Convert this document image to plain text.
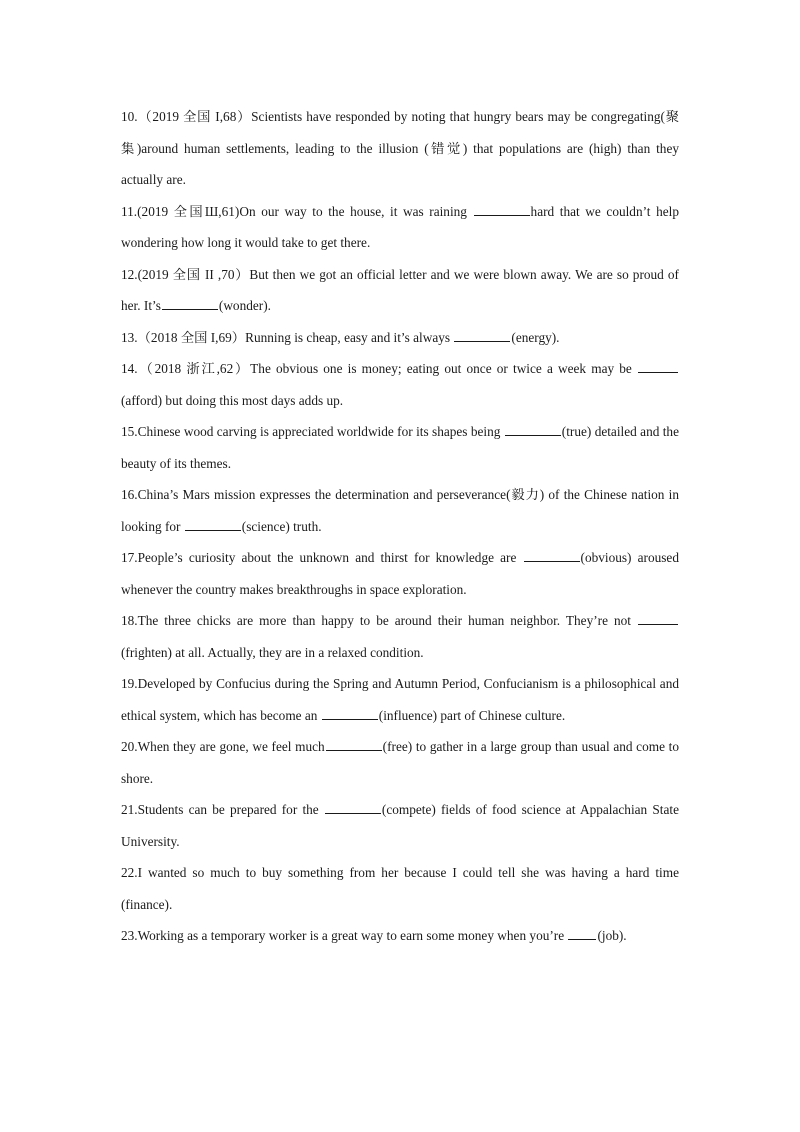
10.（2019 全国 I,68）Scientists have responded by noting that hungry bears may be congregating(聚集)around human settlements, leading to the illusion (错觉) that populations are (high) than they actually are.

11.(2019 全国Ш,61)On our way to the house, it was raining	hard that we couldn’t help wondering how long it would take to get there.

12.(2019 全国 II ,70）But then we got an official letter and we were blown away. We are so proud of her. It’s	(wonder).

13.（2018 全国 I,69）Running is cheap, easy and it’s always	(energy).

14.（2018 浙江,62）The obvious one is money; eating out once or twice a week may be (afford) but doing this most days adds up.

15.Chinese wood carving is appreciated worldwide for its shapes being	(true) detailed and the beauty of its themes.

16.China’s Mars mission expresses the determination and perseverance(毅力) of the Chinese nation in looking for	(science) truth.

17.People’s curiosity about the unknown and thirst for knowledge are	(obvious) aroused whenever the country makes breakthroughs in space exploration.

18.The three chicks are more than happy to be around their human neighbor. They’re not (frighten) at all. Actually, they are in a relaxed condition.

19.Developed by Confucius during the Spring and Autumn Period, Confucianism is a philosophical and ethical system, which has become an	(influence) part of Chinese culture.

20.When they are gone, we feel much	(free) to gather in a large group than usual and come to shore.

21.Students can be prepared for the	(compete) fields of food science at Appalachian State University.

22.I wanted so much to buy something from her because I could tell she was having a hard time (finance).

23.Working as a temporary worker is a great way to earn some money when you’re (job).
